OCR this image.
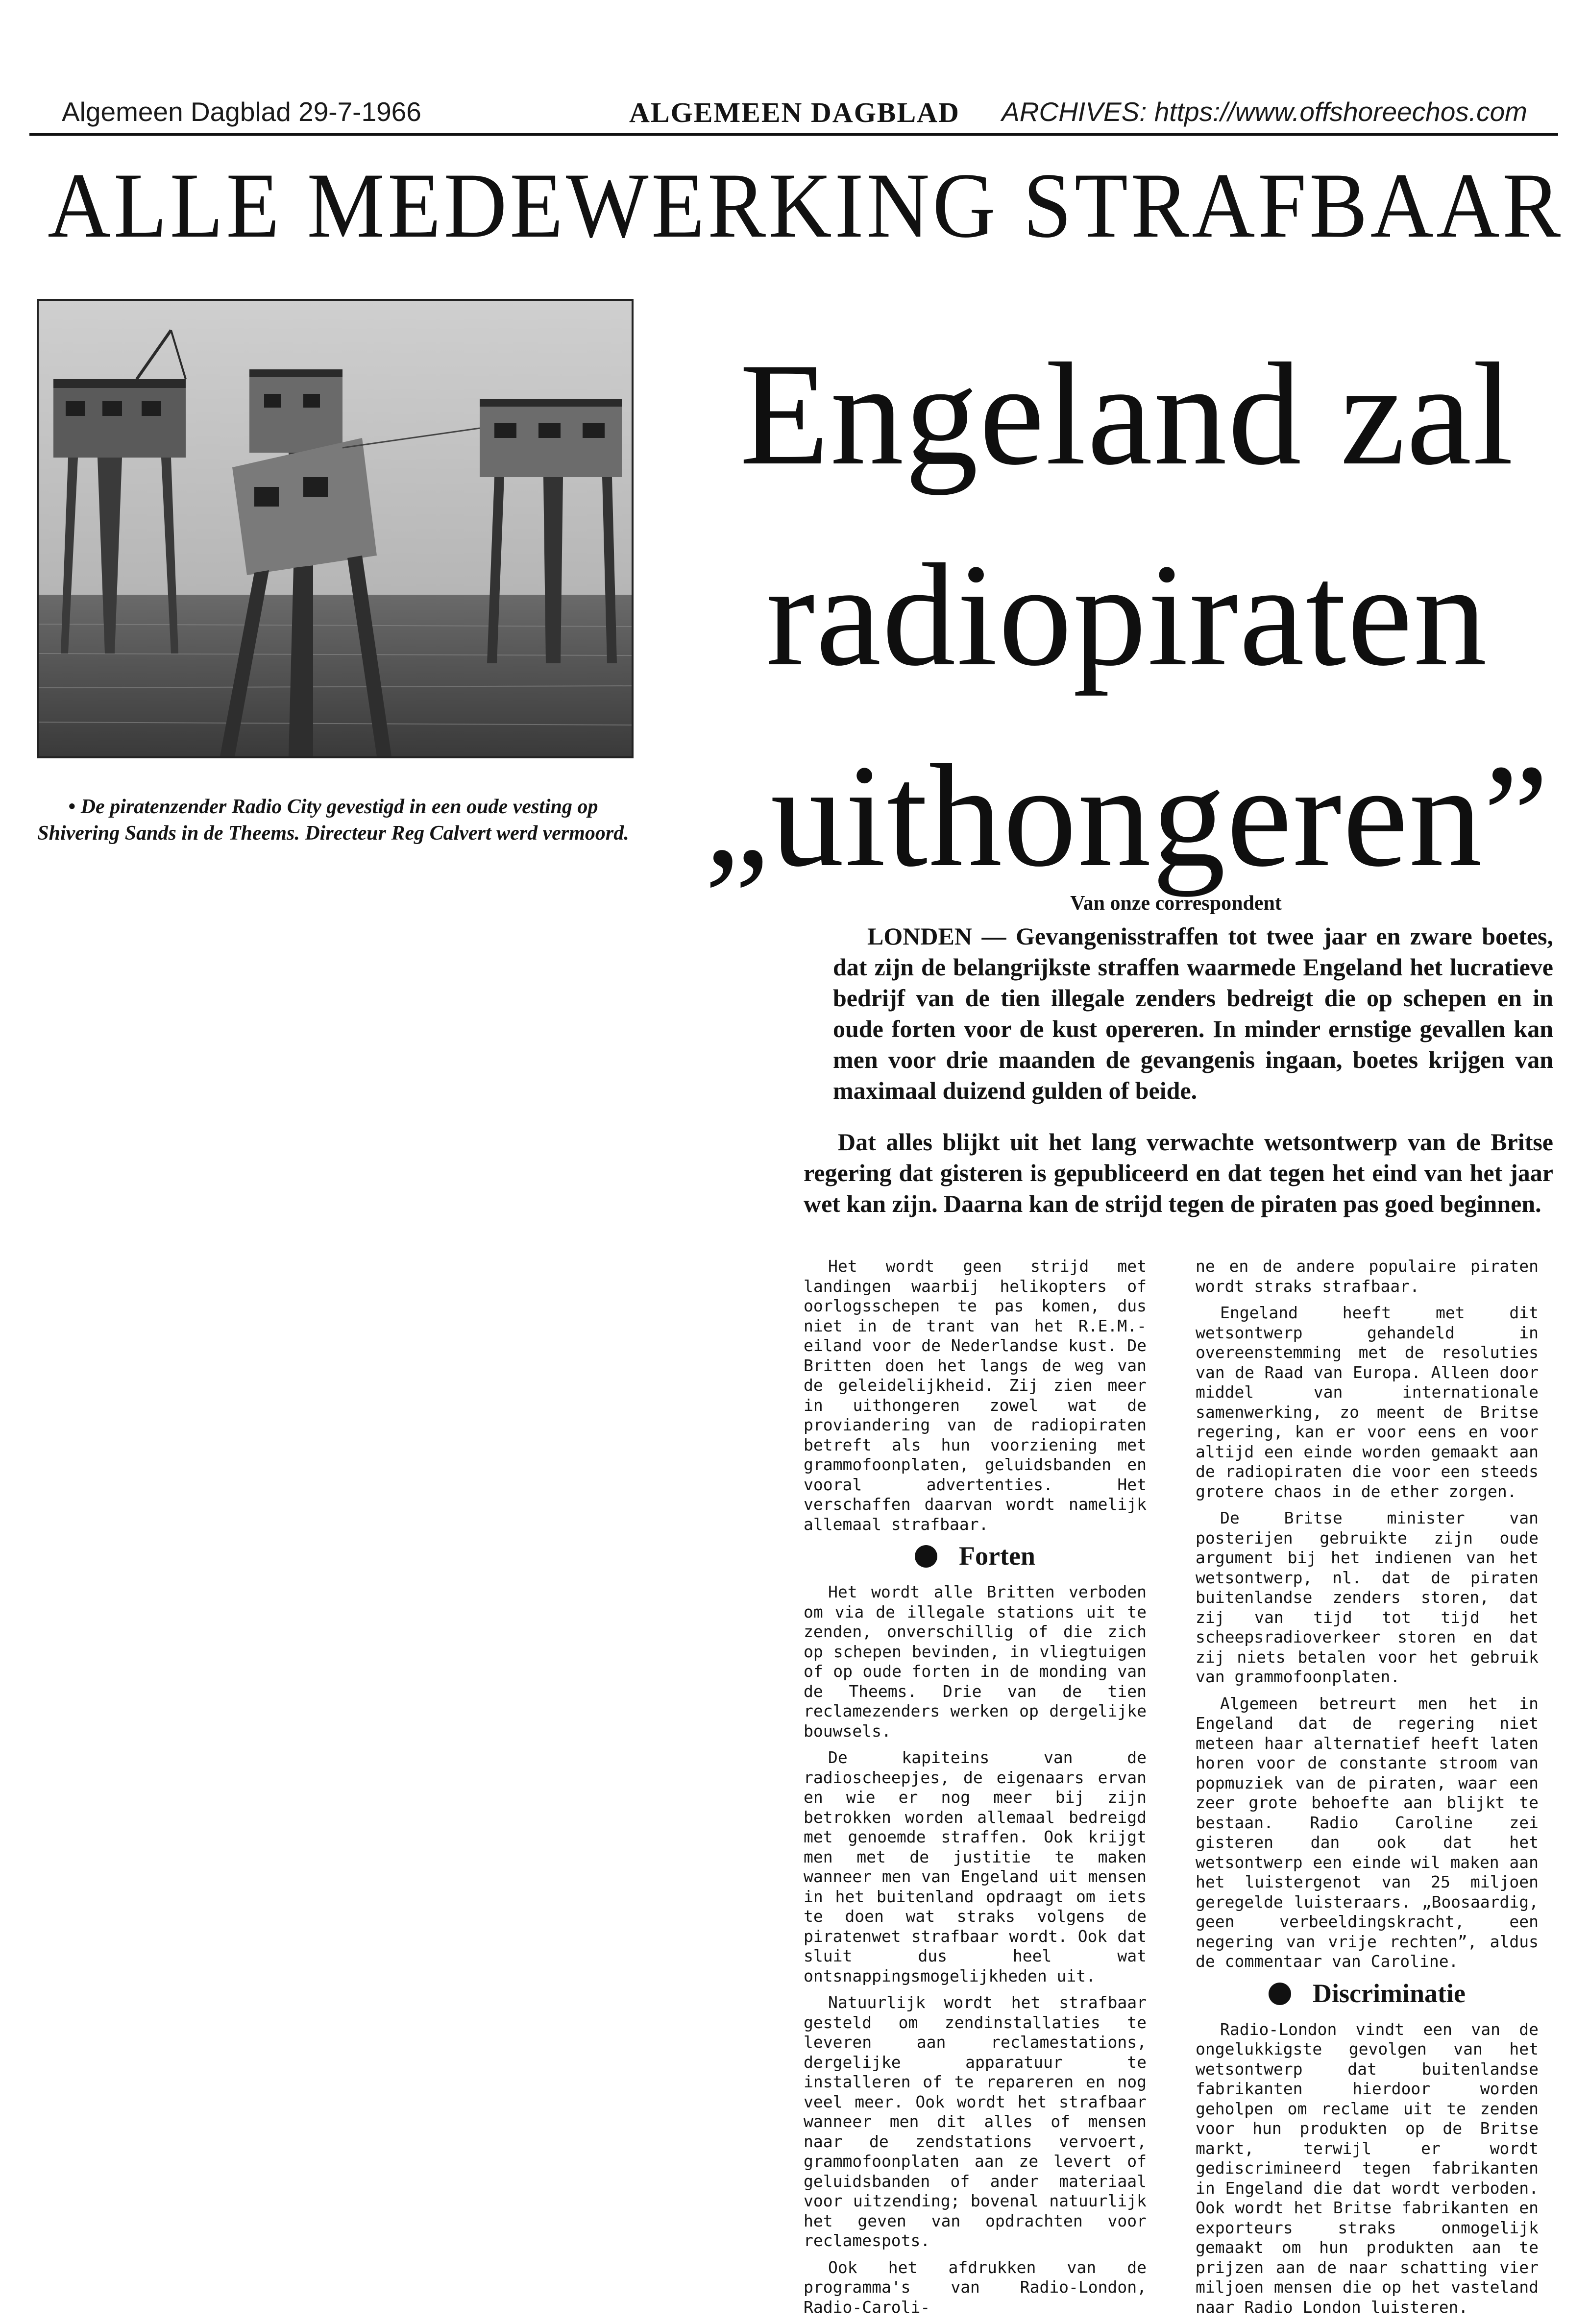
Algemeen Dagblad 29-7-1966	ALGEMEEN DAGBLAD	ARCHIVES: https://www.offshoreechos.com
ALLE MEDEWERKING STRAFBAAR
• De piratenzender Radio City gevestigd in een oude vesting op Shivering Sands in de Theems. Directeur Reg Calvert werd vermoord.
Engeland zal
radiopiraten
„uithongeren”
Van onze correspondent
LONDEN — Gevangenisstraffen tot twee jaar en zware boetes, dat zijn de belangrijkste straffen waarmede Engeland het lucratieve bedrijf van de tien illegale zenders bedreigt die op schepen en in oude forten voor de kust opereren. In minder ernstige gevallen kan men voor drie maanden de gevangenis ingaan, boetes krijgen van maximaal duizend gulden of beide.
Dat alles blijkt uit het lang verwachte wetsontwerp van de Britse regering dat gisteren is gepubliceerd en dat tegen het eind van het jaar wet kan zijn. Daarna kan de strijd tegen de piraten pas goed beginnen.

Het wordt geen strijd met landingen waarbij helikopters of oorlogsschepen te pas komen, dus niet in de trant van het R.E.M.-eiland voor de Nederlandse kust. De Britten doen het langs de weg van de geleidelijkheid. Zij zien meer in uithongeren zowel wat de proviandering van de radiopiraten betreft als hun voorziening met grammofoonplaten, geluidsbanden en vooral advertenties. Het verschaffen daarvan wordt namelijk allemaal strafbaar.

Forten

Het wordt alle Britten verboden om via de illegale stations uit te zenden, onverschillig of die zich op schepen bevinden, in vliegtuigen of op oude forten in de monding van de Theems. Drie van de tien reclamezenders werken op dergelijke bouwsels.

De kapiteins van de radioscheepjes, de eigenaars ervan en wie er nog meer bij zijn betrokken worden allemaal bedreigd met genoemde straffen. Ook krijgt men met de justitie te maken wanneer men van Engeland uit mensen in het buitenland opdraagt om iets te doen wat straks volgens de piratenwet strafbaar wordt. Ook dat sluit dus heel wat ontsnappingsmogelijkheden uit.

Natuurlijk wordt het strafbaar gesteld om zendinstallaties te leveren aan reclamestations, dergelijke apparatuur te installeren of te repareren en nog veel meer. Ook wordt het strafbaar wanneer men dit alles of mensen naar de zendstations vervoert, grammofoonplaten aan ze levert of geluidsbanden of ander materiaal voor uitzending; bovenal natuurlijk het geven van opdrachten voor reclamespots.

Ook het afdrukken van de programma's van Radio-London, Radio-Caroli-

ne en de andere populaire piraten wordt straks strafbaar.

Engeland heeft met dit wetsontwerp gehandeld in overeenstemming met de resoluties van de Raad van Europa. Alleen door middel van internationale samenwerking, zo meent de Britse regering, kan er voor eens en voor altijd een einde worden gemaakt aan de radiopiraten die voor een steeds grotere chaos in de ether zorgen.

De Britse minister van posterijen gebruikte zijn oude argument bij het indienen van het wetsontwerp, nl. dat de piraten buitenlandse zenders storen, dat zij van tijd tot tijd het scheepsradioverkeer storen en dat zij niets betalen voor het gebruik van grammofoonplaten.

Algemeen betreurt men het in Engeland dat de regering niet meteen haar alternatief heeft laten horen voor de constante stroom van popmuziek van de piraten, waar een zeer grote behoefte aan blijkt te bestaan. Radio Caroline zei gisteren dan ook dat het wetsontwerp een einde wil maken aan het luistergenot van 25 miljoen geregelde luisteraars. „Boosaardig, geen verbeeldingskracht, een negering van vrije rechten”, aldus de commentaar van Caroline.

Discriminatie

Radio-London vindt een van de ongelukkigste gevolgen van het wetsontwerp dat buitenlandse fabrikanten hierdoor worden geholpen om reclame uit te zenden voor hun produkten op de Britse markt, terwijl er wordt gediscrimineerd tegen fabrikanten in Engeland die dat wordt verboden. Ook wordt het Britse fabrikanten en exporteurs straks onmogelijk gemaakt om hun produkten aan te prijzen aan de naar schatting vier miljoen mensen die op het vasteland naar Radio London luisteren.
